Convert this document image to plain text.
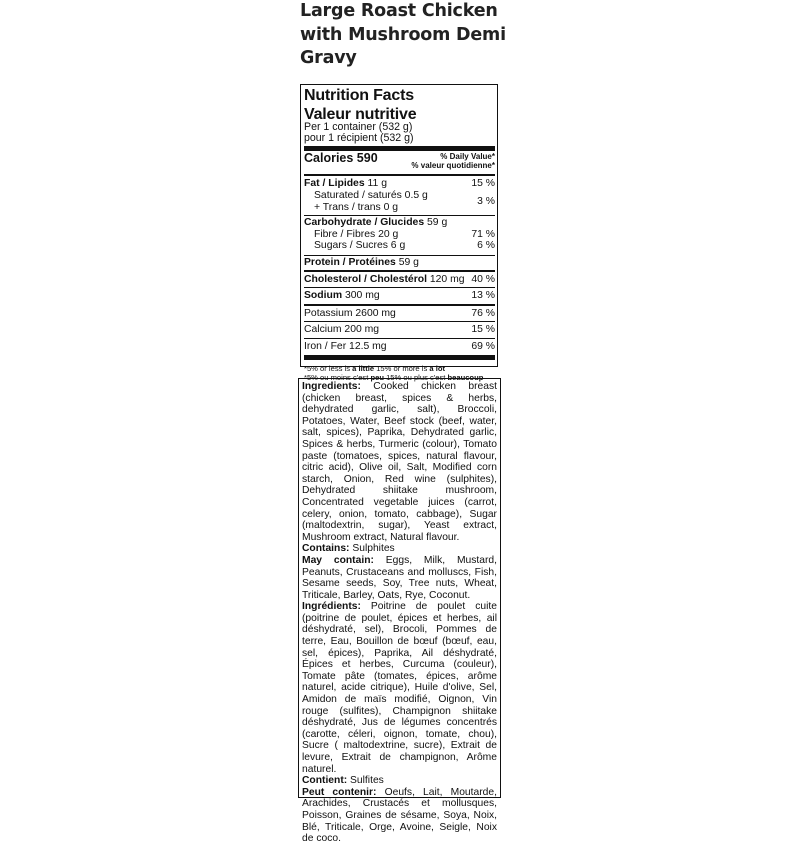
Large Roast Chicken with Mushroom Demi Gravy
Nutrition Facts
Valeur nutritive
Per 1 container (532 g)
pour 1 récipient (532 g)
Calories 590	% Daily Value*
% valeur quotidienne*
Fat / Lipides 11 g	15 %
Saturated / saturés 0.5 g
+ Trans / trans 0 g
3 %
Carbohydrate / Glucides 59 g
Fibre / Fibres 20 g	71 %
Sugars / Sucres 6 g	6 %
Protein / Protéines 59 g
Cholesterol / Cholestérol 120 mg 40 %
Sodium 300 mg	13 %
Potassium 2600 mg	76 %
Calcium 200 mg	15 %
Iron / Fer 12.5 mg	69 %
*5% or less is a little 15% or more is a lot
*5% ou moins c'est peu 15% ou plus c'est beaucoup

Ingredients: Cooked chicken breast (chicken breast, spices & herbs, dehydrated garlic, salt), Broccoli, Potatoes, Water, Beef stock (beef, water, salt, spices), Paprika, Dehydrated garlic, Spices & herbs, Turmeric (colour), Tomato paste (tomatoes, spices, natural flavour, citric acid), Olive oil, Salt, Modified corn starch, Onion, Red wine (sulphites), Dehydrated shiitake mushroom, Concentrated vegetable juices (carrot, celery, onion, tomato, cabbage), Sugar (maltodextrin, sugar), Yeast extract, Mushroom extract, Natural flavour.

Contains: Sulphites

May contain: Eggs, Milk, Mustard, Peanuts, Crustaceans and molluscs, Fish, Sesame seeds, Soy, Tree nuts, Wheat, Triticale, Barley, Oats, Rye, Coconut.

Ingrédients: Poitrine de poulet cuite (poitrine de poulet, épices et herbes, ail déshydraté, sel), Brocoli, Pommes de terre, Eau, Bouillon de bœuf (bœuf, eau, sel, épices), Paprika, Ail déshydraté, Épices et herbes, Curcuma (couleur), Tomate pâte (tomates, épices, arôme naturel, acide citrique), Huile d'olive, Sel, Amidon de maïs modifié, Oignon, Vin rouge (sulfites), Champignon shiitake déshydraté, Jus de légumes concentrés (carotte, céleri, oignon, tomate, chou), Sucre ( maltodextrine, sucre), Extrait de levure, Extrait de champignon, Arôme naturel.

Contient: Sulfites

Peut contenir: Oeufs, Lait, Moutarde, Arachides, Crustacés et mollusques, Poisson, Graines de sésame, Soya, Noix, Blé, Triticale, Orge, Avoine, Seigle, Noix de coco.
